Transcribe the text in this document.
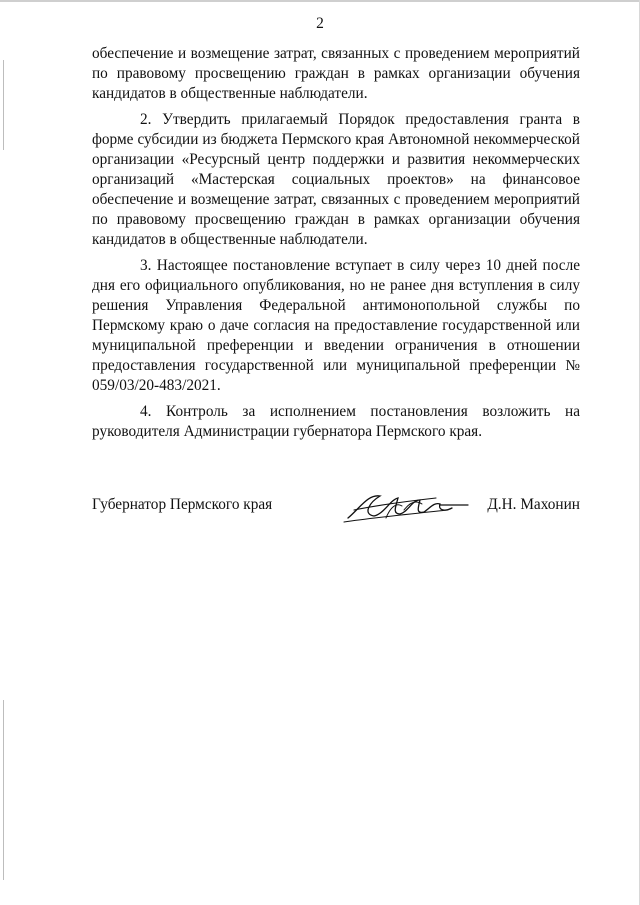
2

обеспечение и возмещение затрат, связанных с проведением мероприятий по правовому просвещению граждан в рамках организации обучения кандидатов в общественные наблюдатели.

2. Утвердить прилагаемый Порядок предоставления гранта в форме субсидии из бюджета Пермского края Автономной некоммерческой организации «Ресурсный центр поддержки и развития некоммерческих организаций «Мастерская социальных проектов» на финансовое обеспечение и возмещение затрат, связанных с проведением мероприятий по правовому просвещению граждан в рамках организации обучения кандидатов в общественные наблюдатели.

3. Настоящее постановление вступает в силу через 10 дней после дня его официального опубликования, но не ранее дня вступления в силу решения Управления Федеральной антимонопольной службы по Пермскому краю о даче согласия на предоставление государственной или муниципальной преференции и введении ограничения в отношении предоставления государственной или муниципальной преференции № 059/03/20-483/2021.

4. Контроль за исполнением постановления возложить на руководителя Администрации губернатора Пермского края.

Губернатор Пермского края	Д.Н. Махонин
